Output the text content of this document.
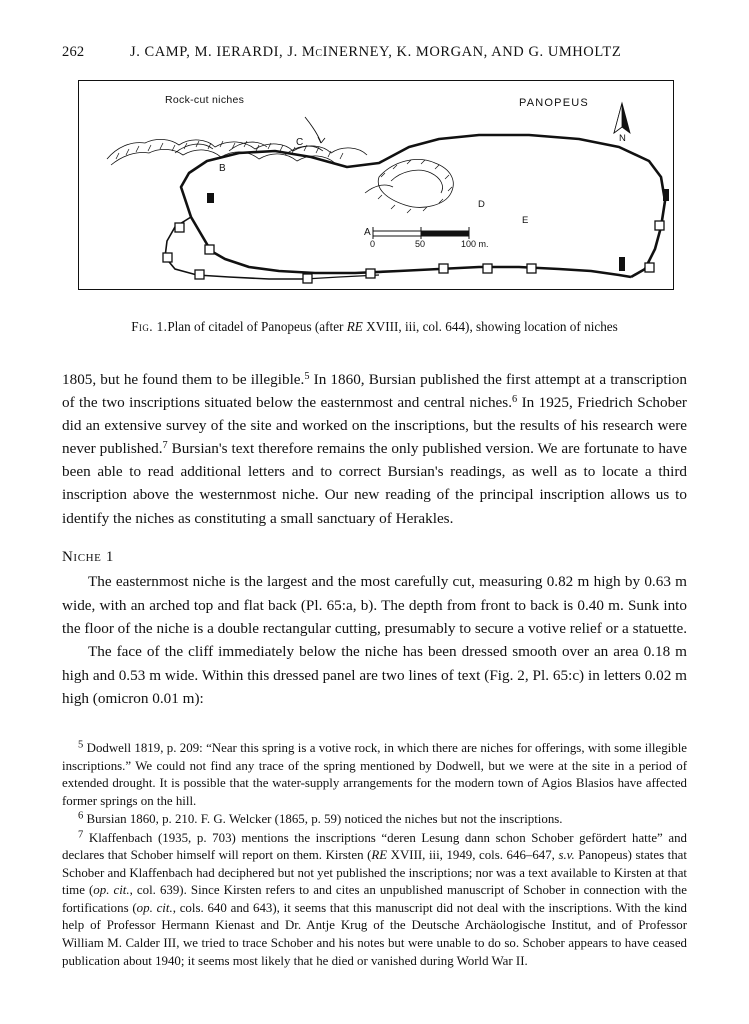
262	J. CAMP, M. IERARDI, J. McINERNEY, K. MORGAN, AND G. UMHOLTZ
Rock-cut niches	PANOPEUS
N
C
B
A
D
E
0	50	100 m.
Fig. 1.Plan of citadel of Panopeus (after RE XVIII, iii, col. 644), showing location of niches

1805, but he found them to be illegible.$^5$ In 1860, Bursian published the first attempt at a transcription of the two inscriptions situated below the easternmost and central niches.$^6$ In 1925, Friedrich Schober did an extensive survey of the site and worked on the inscriptions, but the results of his research were never published.$^7$ Bursian's text therefore remains the only published version. We are fortunate to have been able to read additional letters and to correct Bursian's readings, as well as to locate a third inscription above the westernmost niche. Our new reading of the principal inscription allows us to identify the niches as constituting a small sanctuary of Herakles.

Niche 1

The easternmost niche is the largest and the most carefully cut, measuring 0.82 m high by 0.63 m wide, with an arched top and flat back (Pl. 65:a, b). The depth from front to back is 0.40 m. Sunk into the floor of the niche is a double rectangular cutting, presumably to secure a votive relief or a statuette.

The face of the cliff immediately below the niche has been dressed smooth over an area 0.18 m high and 0.53 m wide. Within this dressed panel are two lines of text (Fig. 2, Pl. 65:c) in letters 0.02 m high (omicron 0.01 m):

$^5$ Dodwell 1819, p. 209: “Near this spring is a votive rock, in which there are niches for offerings, with some illegible inscriptions.” We could not find any trace of the spring mentioned by Dodwell, but we were at the site in a period of extended drought. It is possible that the water-supply arrangements for the modern town of Agios Blasios have affected former springs on the hill.

$^6$ Bursian 1860, p. 210. F. G. Welcker (1865, p. 59) noticed the niches but not the inscriptions.

$^7$ Klaffenbach (1935, p. 703) mentions the inscriptions “deren Lesung dann schon Schober gefördert hatte” and declares that Schober himself will report on them. Kirsten (RE XVIII, iii, 1949, cols. 646–647, s.v. Panopeus) states that Schober and Klaffenbach had deciphered but not yet published the inscriptions; nor was a text available to Kirsten at that time (op. cit., col. 639). Since Kirsten refers to and cites an unpublished manuscript of Schober in connection with the fortifications (op. cit., cols. 640 and 643), it seems that this manuscript did not deal with the inscriptions. With the kind help of Professor Hermann Kienast and Dr. Antje Krug of the Deutsche Archäologische Institut, and of Professor William M. Calder III, we tried to trace Schober and his notes but were unable to do so. Schober appears to have ceased publication about 1940; it seems most likely that he died or vanished during World War II.
